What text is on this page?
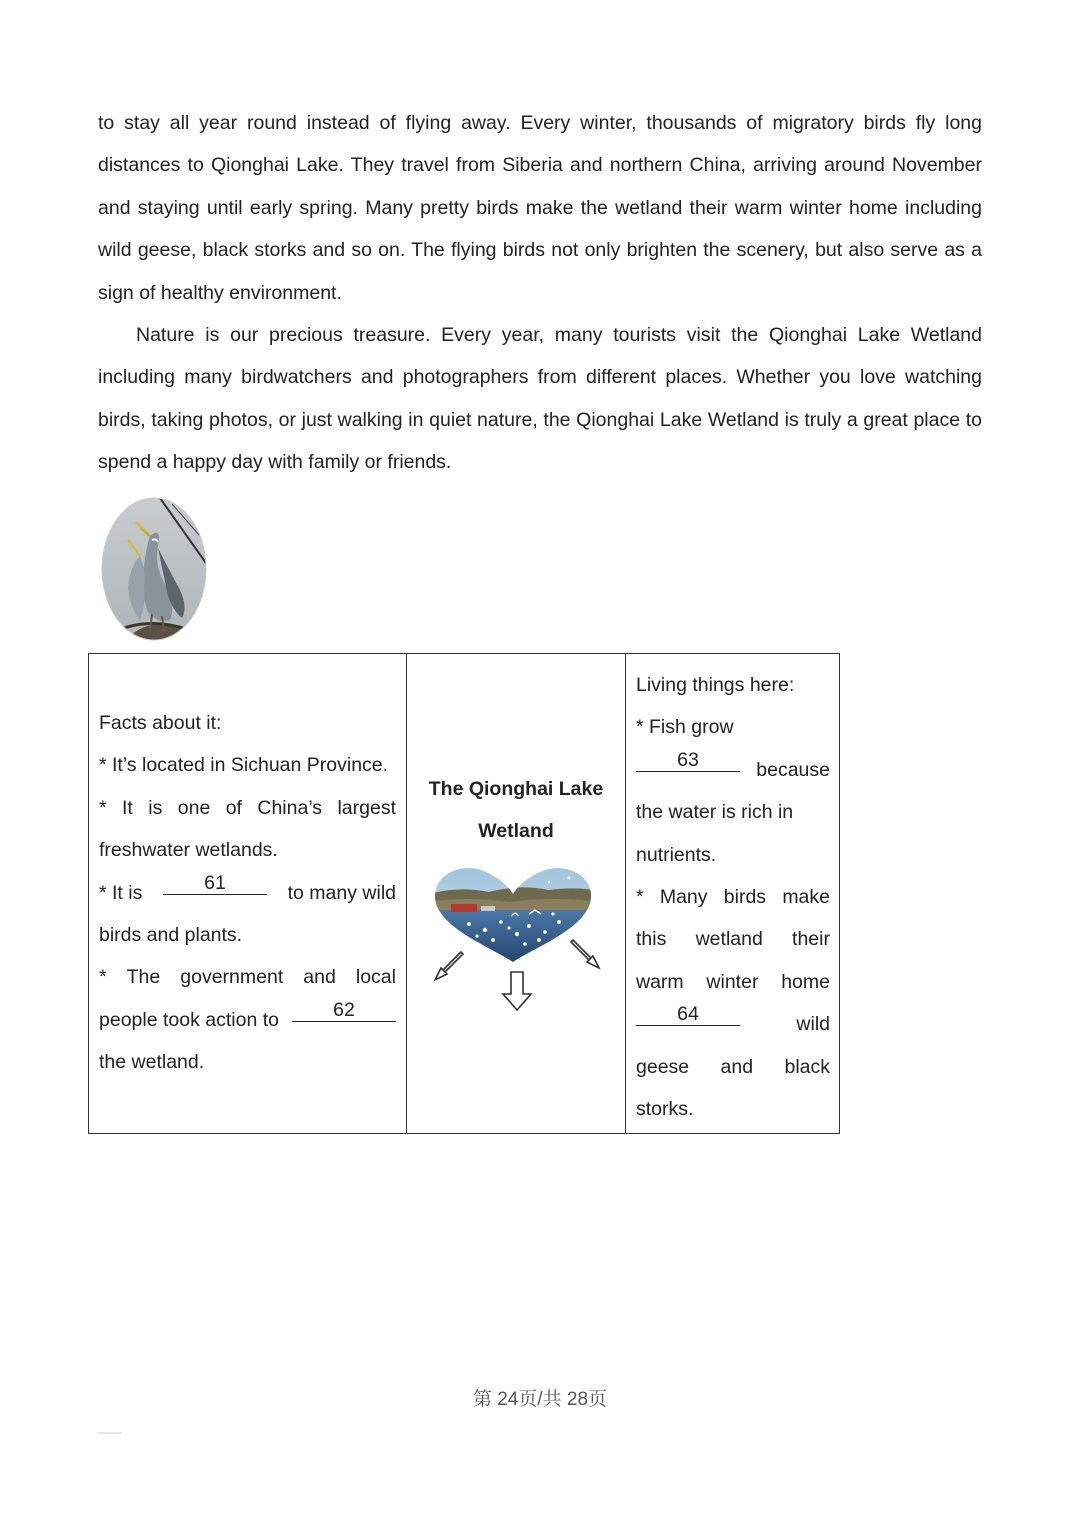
to stay all year round instead of flying away. Every winter, thousands of migratory birds fly long distances to Qionghai Lake. They travel from Siberia and northern China, arriving around November and staying until early spring. Many pretty birds make the wetland their warm winter home including wild geese, black storks and so on. The flying birds not only brighten the scenery, but also serve as a sign of healthy environment.

Nature is our precious treasure. Every year, many tourists visit the Qionghai Lake Wetland including many birdwatchers and photographers from different places. Whether you love watching birds, taking photos, or just walking in quiet nature, the Qionghai Lake Wetland is truly a great place to spend a happy day with family or friends.

Facts about it:
* It’s located in Sichuan Province.
* It is one of China’s largest
freshwater wetlands.
* It is	61	to many wild
birds and plants.
* The government and local
people took action to	62
the wetland.
The Qionghai Lake
Wetland
Living things here:
* Fish grow
63	because
the water is rich in
nutrients.
* Many birds make
this wetland their
warm winter home
64	wild
geese and black
storks.
第 24页/共 28页
